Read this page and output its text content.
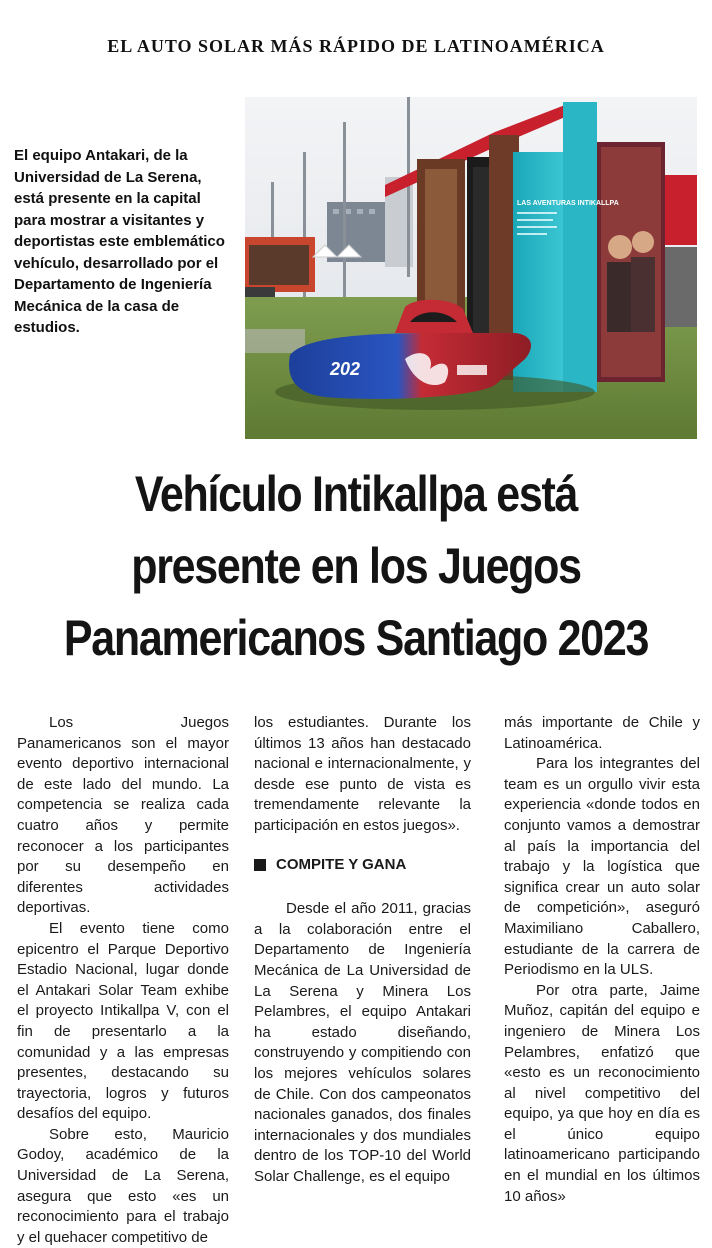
EL AUTO SOLAR MÁS RÁPIDO DE LATINOAMÉRICA
El equipo Antakari, de la Universidad de La Serena, está presente en la capital para mostrar a visitantes y deportistas este emblemático vehículo, desarrollado por el Departamento de Ingeniería Mecánica de la casa de estudios.
LAS AVENTURAS INTIKALLPA
202
Vehículo Intikallpa está
presente en los Juegos
Panamericanos Santiago 2023

Los Juegos Panamericanos son el mayor evento deportivo internacional de este lado del mundo. La competencia se realiza cada cuatro años y permite reconocer a los participantes por su desempeño en diferentes actividades deportivas.

El evento tiene como epicentro el Parque Deportivo Estadio Nacional, lugar donde el Antakari Solar Team exhibe el proyecto Intikallpa V, con el fin de presentarlo a la comunidad y a las empresas presentes, destacando su trayectoria, logros y futuros desafíos del equipo.

Sobre esto, Mauricio Godoy, académico de la Universidad de La Serena, asegura que esto «es un reconocimiento para el trabajo y el quehacer competitivo de

los estudiantes. Durante los últimos 13 años han destacado nacional e internacionalmente, y desde ese punto de vista es tremendamente relevante la participación en estos juegos».

COMPITE Y GANA

Desde el año 2011, gracias a la colaboración entre el Departamento de Ingeniería Mecánica de La Universidad de La Serena y Minera Los Pelambres, el equipo Antakari ha estado diseñando, construyendo y compitiendo con los mejores vehículos solares de Chile. Con dos campeonatos nacionales ganados, dos finales internacionales y dos mundiales dentro de los TOP-10 del World Solar Challenge, es el equipo

más importante de Chile y Latinoamérica.

Para los integrantes del team es un orgullo vivir esta experiencia «donde todos en conjunto vamos a demostrar al país la importancia del trabajo y la logística que significa crear un auto solar de competición», aseguró Maximiliano Caballero, estudiante de la carrera de Periodismo en la ULS.

Por otra parte, Jaime Muñoz, capitán del equipo e ingeniero de Minera Los Pelambres, enfatizó que «esto es un reconocimiento al nivel competitivo del equipo, ya que hoy en día es el único equipo latinoamericano participando en el mundial en los últimos 10 años»
